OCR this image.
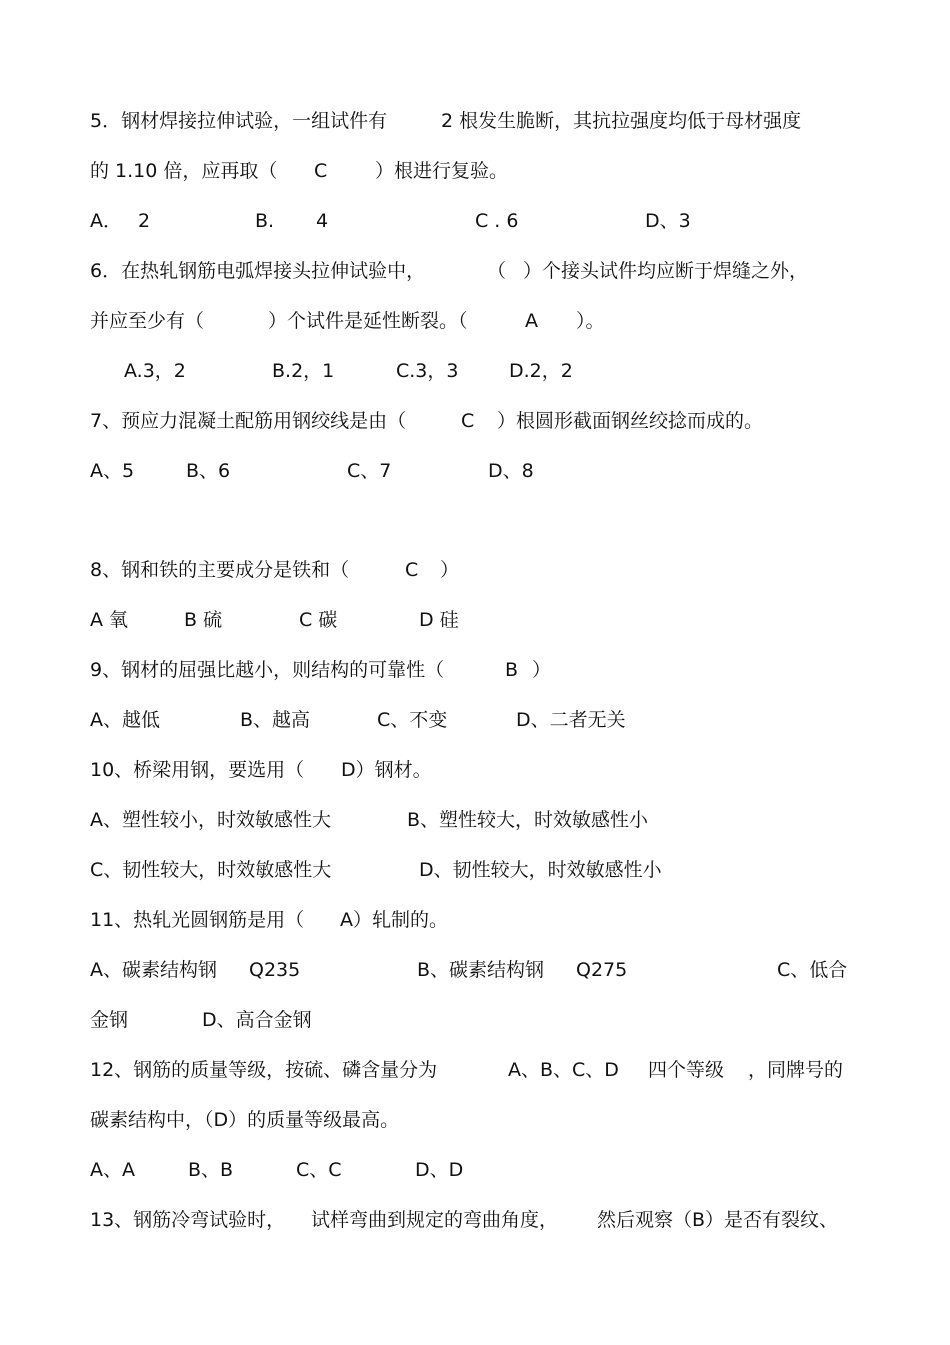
5．钢材焊接拉伸试验，一组试件有	2 根发生脆断，其抗拉强度均低于母材强度
的 1.10 倍，应再取（ C	）根进行复验。
A． 2	B. 4	C . 6	D、3
6．在热轧钢筋电弧焊接头拉伸试验中，	（ ）个接头试件均应断于焊缝之外，
并应至少有（	）个试件是延性断裂。（	A ）。
A.3，2	B.2，1	C.3，3	D.2，2
7、预应力混凝土配筋用钢绞线是由（	C ）根圆形截面钢丝绞捻而成的。
A、5	B、6	C、7	D、8
8、钢和铁的主要成分是铁和（	C ）
A 氧	B 硫	C 碳	D 硅
9、钢材的屈强比越小，则结构的可靠性（	B ）
A、越低	B、越高	C、不变	D、二者无关
10、桥梁用钢，要选用（ D）钢材。
A、塑性较小，时效敏感性大	B、塑性较大，时效敏感性小
C、韧性较大，时效敏感性大	D、韧性较大，时效敏感性小
11、热轧光圆钢筋是用（ A）轧制的。
A、碳素结构钢 Q235	B、碳素结构钢 Q275	C、低合
金钢	D、高合金钢
12、钢筋的质量等级，按硫、磷含量分为	A、B、C、D 四个等级 ，同牌号的
碳素结构中，（D）的质量等级最高。
A、A	B、B	C、C	D、D
13、钢筋冷弯试验时， 试样弯曲到规定的弯曲角度， 然后观察（B）是否有裂纹、
